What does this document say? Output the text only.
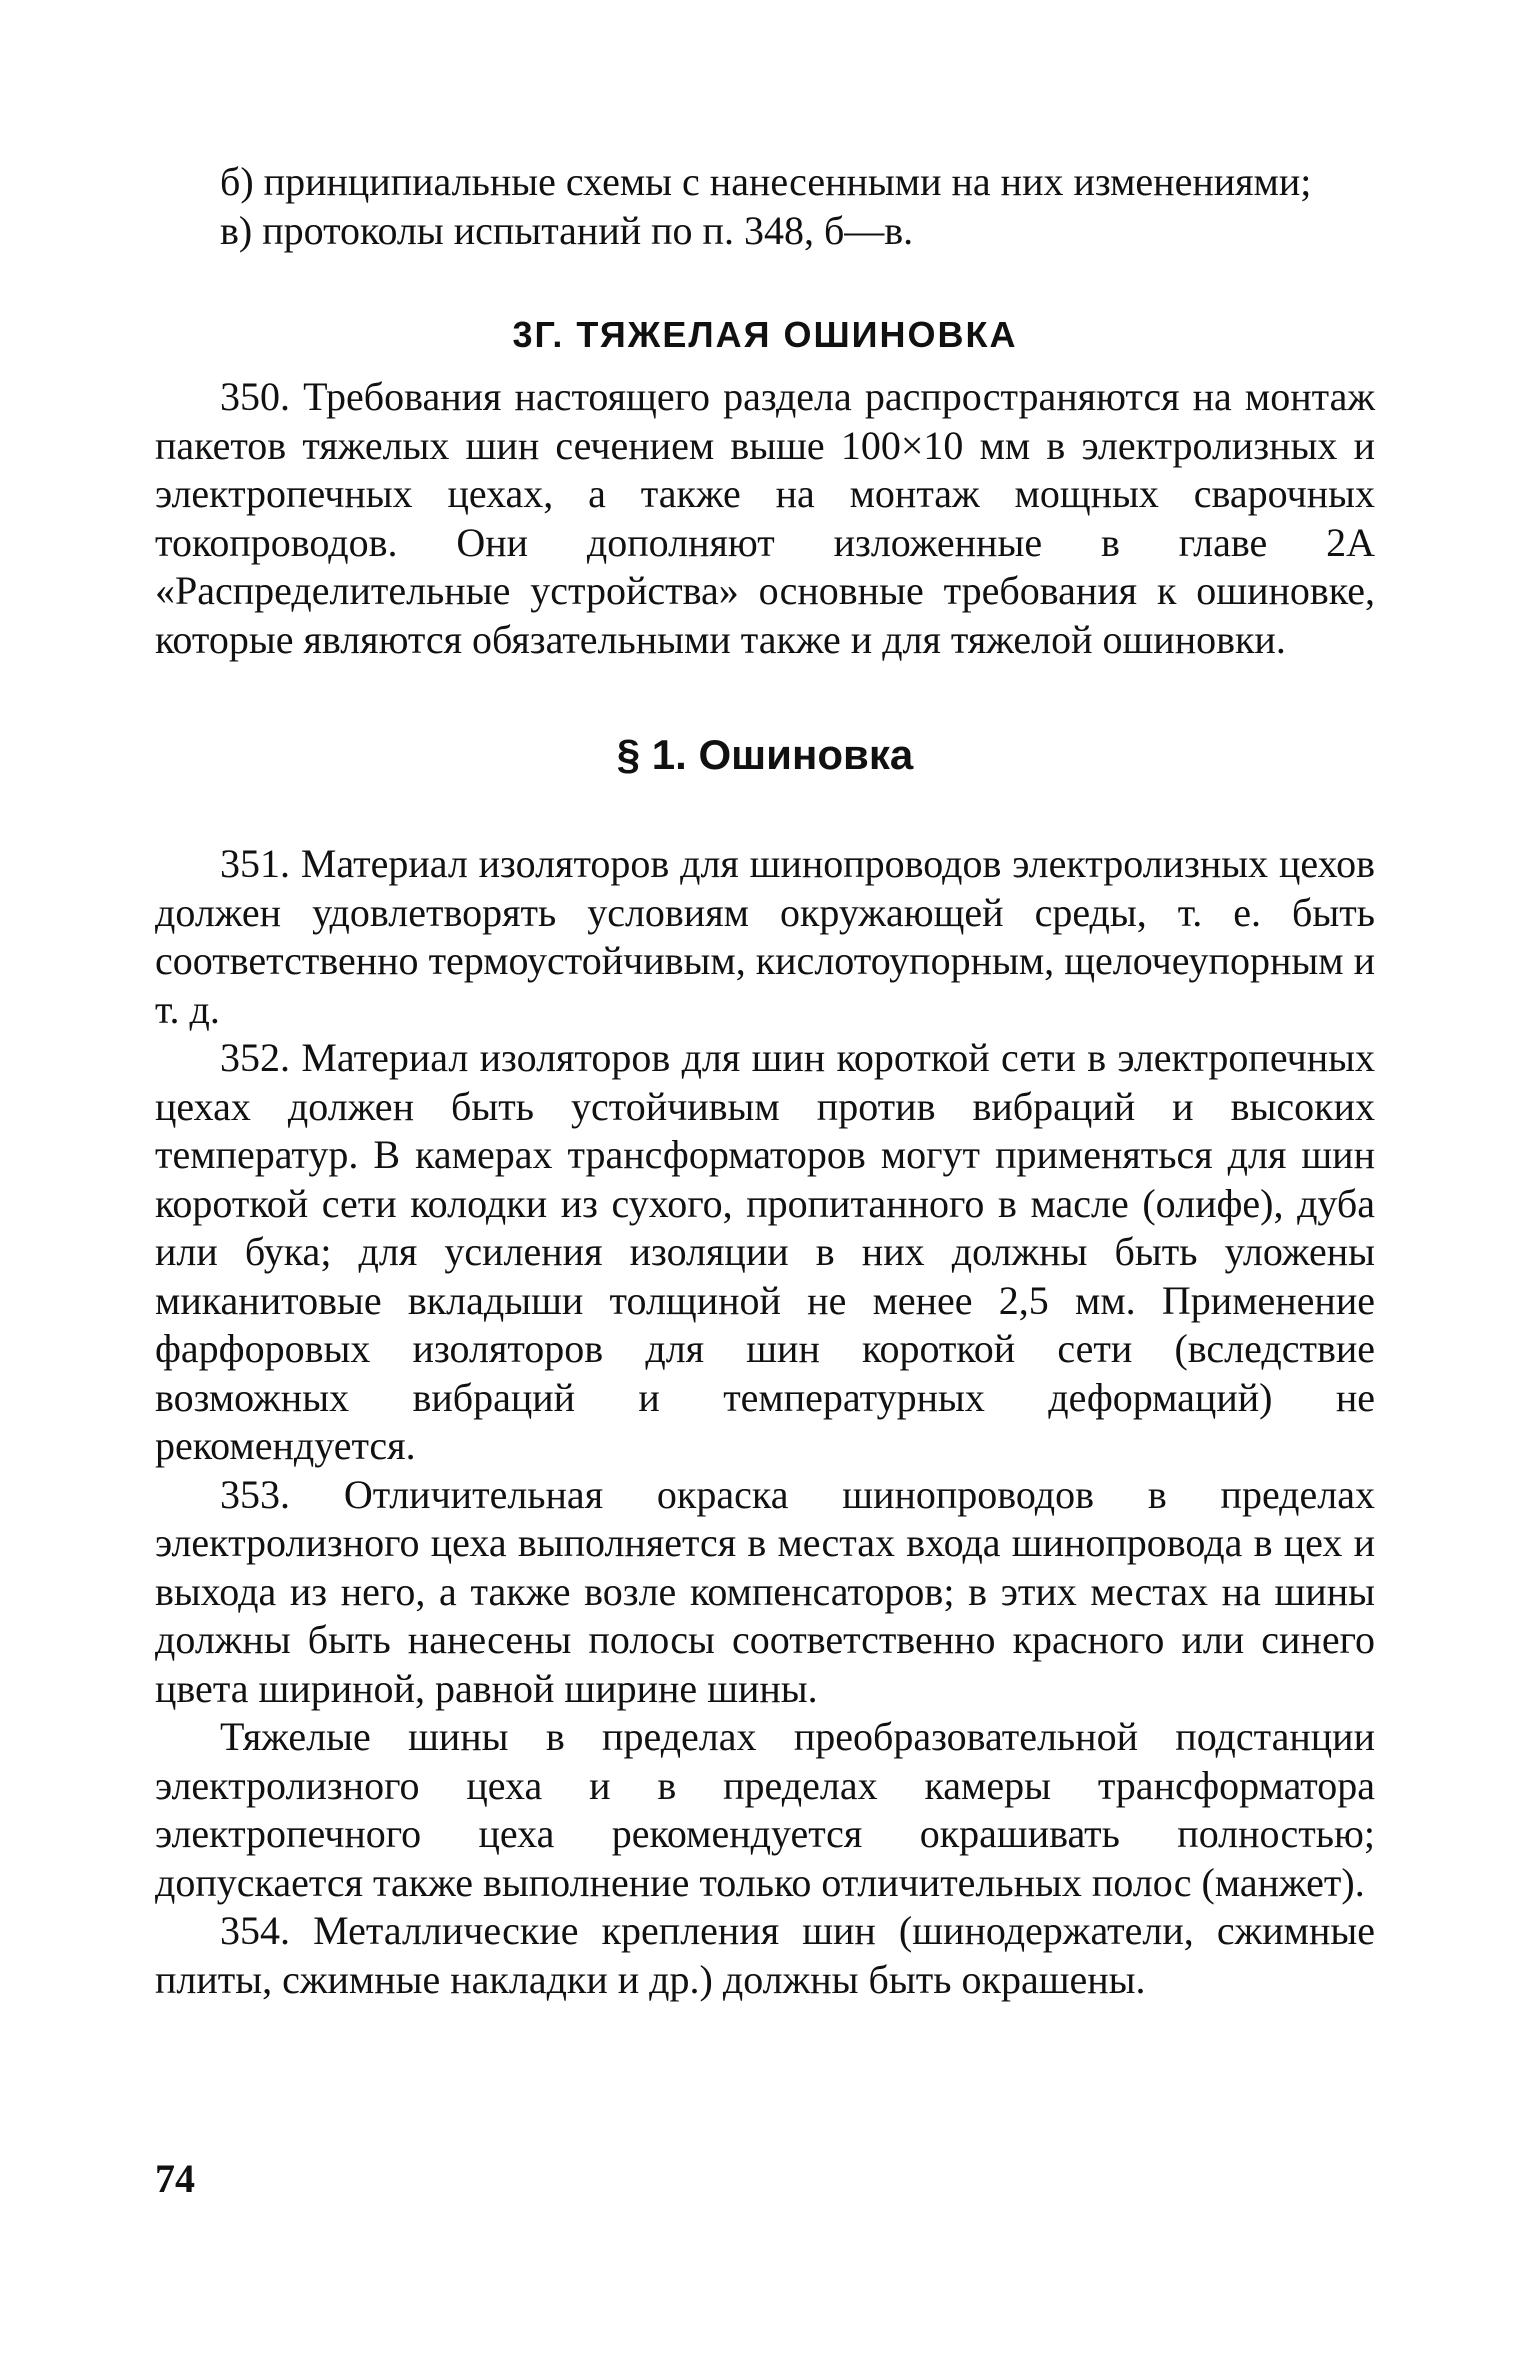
б) принципиальные схемы с нанесенными на них изменениями;

в) протоколы испытаний по п. 348, б—в.

3Г. ТЯЖЕЛАЯ ОШИНОВКА

350. Требования настоящего раздела распространяются на монтаж пакетов тяжелых шин сечением выше 100×10 мм в электролизных и электропечных цехах, а также на монтаж мощных сварочных токопроводов. Они дополняют изложенные в главе 2А «Распределительные устройства» основные требования к ошиновке, которые являются обязательными также и для тяжелой ошиновки.

§ 1. Ошиновка

351. Материал изоляторов для шинопроводов электролизных цехов должен удовлетворять условиям окружающей среды, т. е. быть соответственно термоустойчивым, кислотоупорным, щелочеупорным и т. д.

352. Материал изоляторов для шин короткой сети в электропечных цехах должен быть устойчивым против вибраций и высоких температур. В камерах трансформаторов могут применяться для шин короткой сети колодки из сухого, пропитанного в масле (олифе), дуба или бука; для усиления изоляции в них должны быть уложены миканитовые вкладыши толщиной не менее 2,5 мм. Применение фарфоровых изоляторов для шин короткой сети (вследствие возможных вибраций и температурных деформаций) не рекомендуется.

353. Отличительная окраска шинопроводов в пределах электролизного цеха выполняется в местах входа шинопровода в цех и выхода из него, а также возле компенсаторов; в этих местах на шины должны быть нанесены полосы соответственно красного или синего цвета шириной, равной ширине шины.

Тяжелые шины в пределах преобразовательной подстанции электролизного цеха и в пределах камеры трансформатора электропечного цеха рекомендуется окрашивать полностью; допускается также выполнение только отличительных полос (манжет).

354. Металлические крепления шин (шинодержатели, сжимные плиты, сжимные накладки и др.) должны быть окрашены.

74
